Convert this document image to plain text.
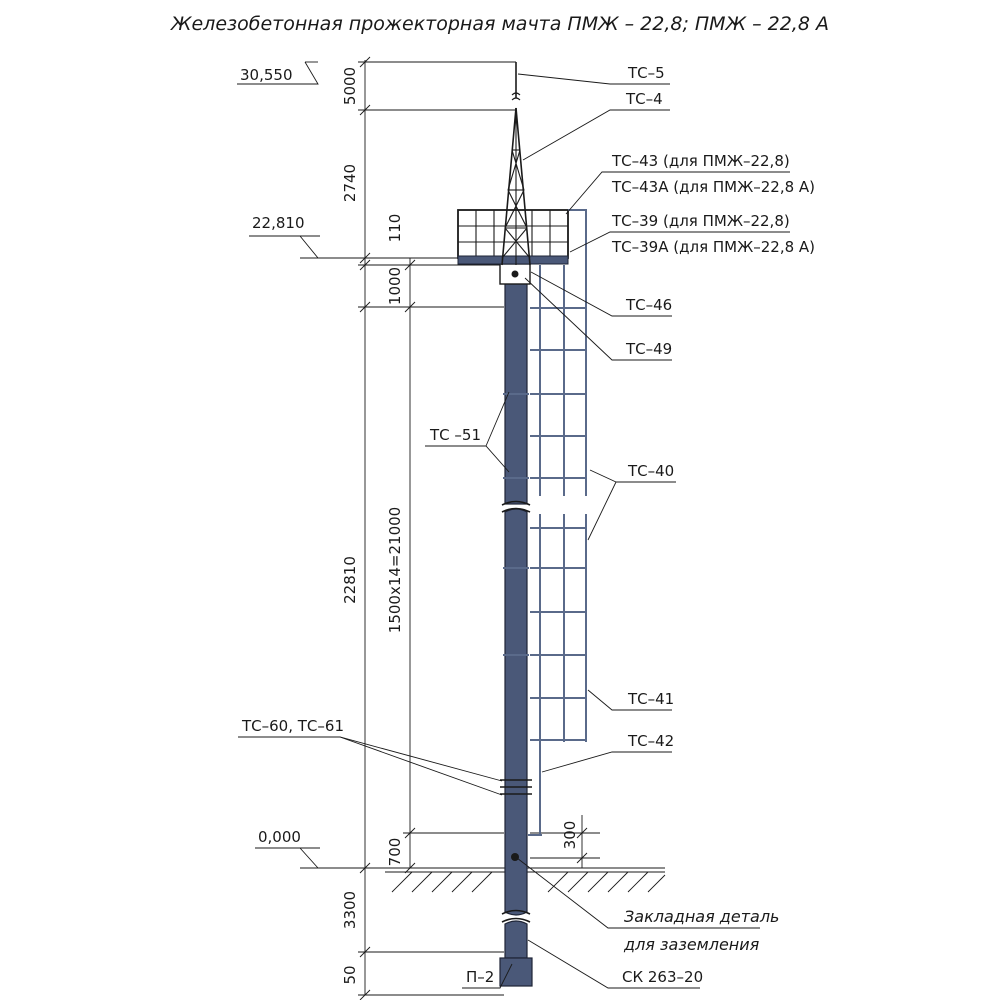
Железобетонная прожекторная мачта ПМЖ – 22,8; ПМЖ – 22,8 А
5000
2740
110
1000
22810 1500x14=21000
300
700
3300
50
30,550
22,810
0,000
ТС–5
ТС–4
ТС–43 (для ПМЖ–22,8)
ТС–43А (для ПМЖ–22,8 А)
ТС–39 (для ПМЖ–22,8)
ТС–39А (для ПМЖ–22,8 А)
ТС–46
ТС–49
ТС –51
ТС–40
ТС–41
ТС–42
ТС–60, ТС–61
Закладная деталь
для заземления
П–2	СК 263–20
